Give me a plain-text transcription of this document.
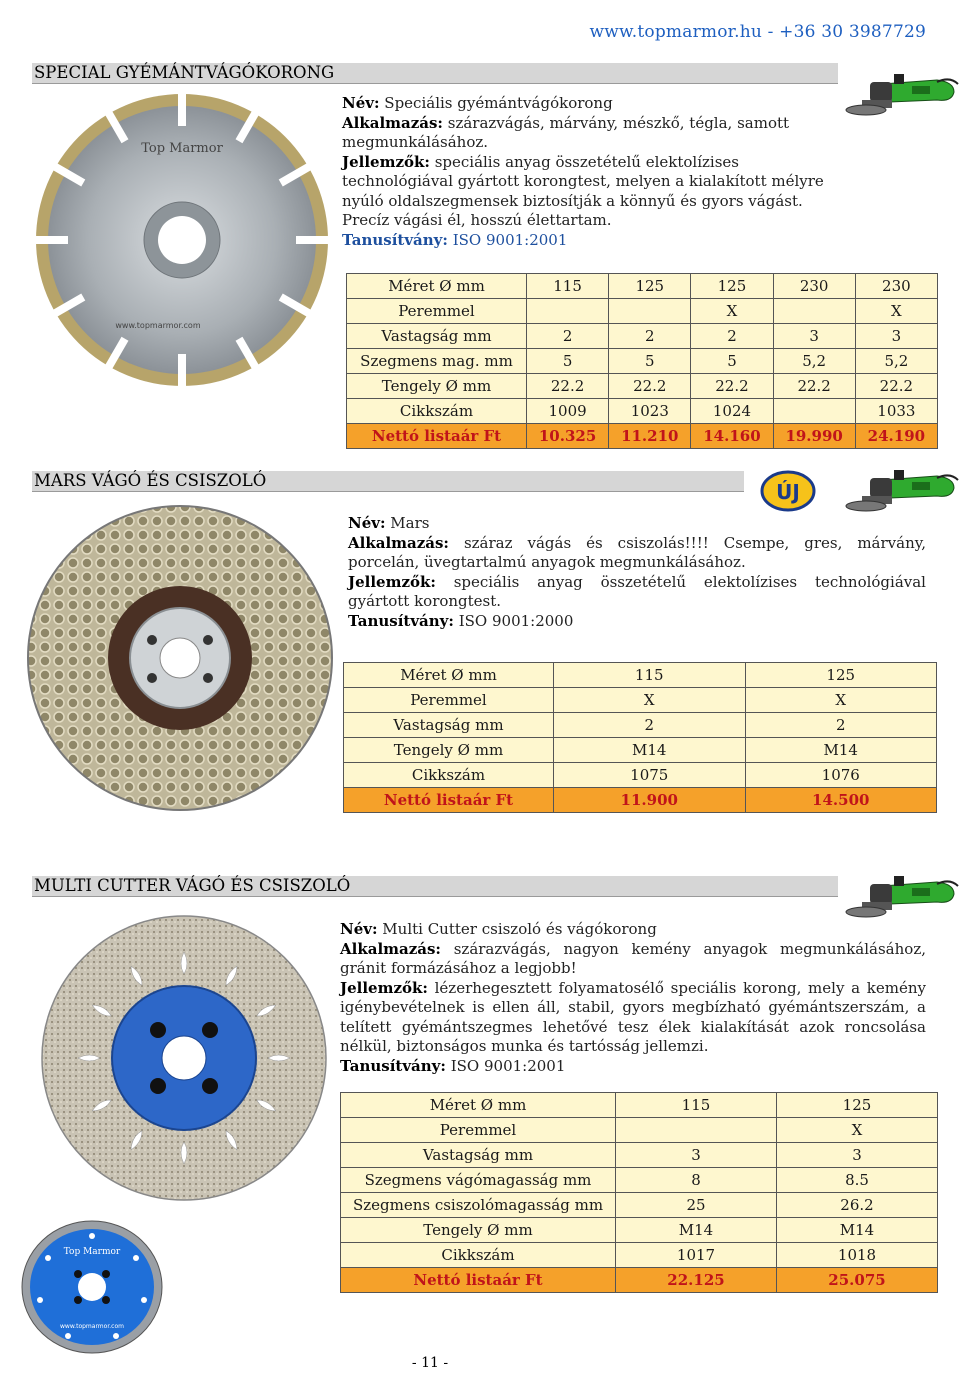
www.topmarmor.hu - +36 30 3987729
SPECIAL GYÉMÁNTVÁGÓKORONG
Top Marmor
www.topmarmor.com

Név: Speciális gyémántvágókorong

Alkalmazás: szárazvágás, márvány, mészkő, tégla, samott megmunkálásához.

Jellemzők: speciális anyag összetételű elektolízises technológiával gyártott korongtest, melyen a kialakított mélyre nyúló oldalszegmensek biztosítják a könnyű és gyors vágást. Precíz vágási él, hosszú élettartam.

Tanusítvány: ISO 9001:2001

Méret Ø mm	115	125	125	230	230
Peremmel			X		X
Vastagság mm	2	2	2	3	3
Szegmens mag. mm	5	5	5	5,2	5,2
Tengely Ø mm	22.2	22.2	22.2	22.2	22.2
Cikkszám	1009	1023	1024		1033
Nettó listaár Ft	10.325	11.210	14.160	19.990	24.190
MARS VÁGÓ ÉS CSISZOLÓ	ÚJ

Név: Mars

Alkalmazás: száraz vágás és csiszolás!!!! Csempe, gres, márvány, porcelán, üvegtartalmú anyagok megmunkálásához.

Jellemzők: speciális anyag összetételű elektolízises technológiával gyártott korongtest.

Tanusítvány: ISO 9001:2000

Méret Ø mm	115	125
Peremmel	X	X
Vastagság mm	2	2
Tengely Ø mm	M14	M14
Cikkszám	1075	1076
Nettó listaár Ft	11.900	14.500
MULTI CUTTER VÁGÓ ÉS CSISZOLÓ
Top Marmor
www.topmarmor.com

Név: Multi Cutter csiszoló és vágókorong

Alkalmazás: szárazvágás, nagyon kemény anyagok megmunkálásához, gránit formázásához a legjobb!

Jellemzők: lézerhegesztett folyamatosélő speciális korong, mely a kemény igénybevételnek is ellen áll, stabil, gyors megbízható gyémántszerszám, a telített gyémántszegmes lehetővé tesz élek kialakítását azok roncsolása nélkül, biztonságos munka és tartósság jellemzi.

Tanusítvány: ISO 9001:2001

Méret Ø mm	115	125
Peremmel		X
Vastagság mm	3	3
Szegmens vágómagasság mm	8	8.5
Szegmens csiszolómagasság mm	25	26.2
Tengely Ø mm	M14	M14
Cikkszám	1017	1018
Nettó listaár Ft	22.125	25.075
- 11 -
